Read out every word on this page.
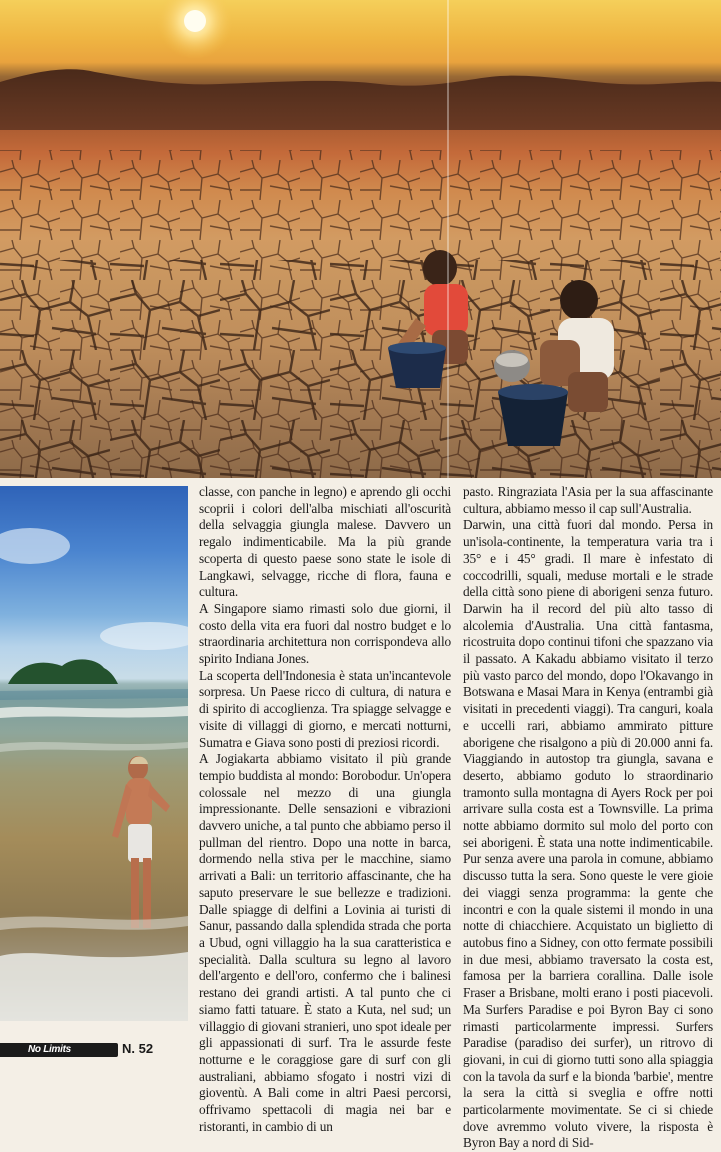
classe, con panche in legno) e aprendo gli occhi scoprii i colori dell'alba mischiati all'oscurità della selvaggia giungla malese. Davvero un regalo indimenticabile. Ma la più grande scoperta di questo paese sono state le isole di Langkawi, selvagge, ricche di flora, fauna e cultura.

A Singapore siamo rimasti solo due giorni, il costo della vita era fuori dal nostro budget e lo straordinaria architettura non corrispondeva allo spirito Indiana Jones.

La scoperta dell'Indonesia è stata un'incantevole sorpresa. Un Paese ricco di cultura, di natura e di spirito di accoglienza. Tra spiagge selvagge e visite di villaggi di giorno, e mercati notturni, Sumatra e Giava sono posti di preziosi ricordi.

A Jogiakarta abbiamo visitato il più grande tempio buddista al mondo: Borobodur. Un'opera colossale nel mezzo di una giungla impressionante. Delle sensazioni e vibrazioni davvero uniche, a tal punto che abbiamo perso il pullman del rientro. Dopo una notte in barca, dormendo nella stiva per le macchine, siamo arrivati a Bali: un territorio affascinante, che ha saputo preservare le sue bellezze e tradizioni. Dalle spiagge di delfini a Lovinia ai turisti di Sanur, passando dalla splendida strada che porta a Ubud, ogni villaggio ha la sua caratteristica e specialità. Dalla scultura su legno al lavoro dell'argento e dell'oro, confermo che i balinesi restano dei grandi artisti. A tal punto che ci siamo fatti tatuare. È stato a Kuta, nel sud; un villaggio di giovani stranieri, uno spot ideale per gli appassionati di surf. Tra le assurde feste notturne e le coraggiose gare di surf con gli australiani, abbiamo sfogato i nostri vizi di gioventù. A Bali come in altri Paesi percorsi, offrivamo spettacoli di magia nei bar e ristoranti, in cambio di un

pasto. Ringraziata l'Asia per la sua affascinante cultura, abbiamo messo il cap sull'Australia.

Darwin, una città fuori dal mondo. Persa in un'isola-continente, la temperatura varia tra i 35° e i 45° gradi. Il mare è infestato di coccodrilli, squali, meduse mortali e le strade della città sono piene di aborigeni senza futuro. Darwin ha il record del più alto tasso di alcolemia d'Australia. Una città fantasma, ricostruita dopo continui tifoni che spazzano via il passato. A Kakadu abbiamo visitato il terzo più vasto parco del mondo, dopo l'Okavango in Botswana e Masai Mara in Kenya (entrambi già visitati in precedenti viaggi). Tra canguri, koala e uccelli rari, abbiamo ammirato pitture aborigene che risalgono a più di 20.000 anni fa. Viaggiando in autostop tra giungla, savana e deserto, abbiamo goduto lo straordinario tramonto sulla montagna di Ayers Rock per poi arrivare sulla costa est a Townsville. La prima notte abbiamo dormito sul molo del porto con sei aborigeni. È stata una notte indimenticabile. Pur senza avere una parola in comune, abbiamo discusso tutta la sera. Sono queste le vere gioie dei viaggi senza programma: la gente che incontri e con la quale sistemi il mondo in una notte di chiacchiere. Acquistato un biglietto di autobus fino a Sidney, con otto fermate possibili in due mesi, abbiamo traversato la costa est, famosa per la barriera corallina. Dalle isole Fraser a Brisbane, molti erano i posti piacevoli. Ma Surfers Paradise e poi Byron Bay ci sono rimasti particolarmente impressi. Surfers Paradise (paradiso dei surfer), un ritrovo di giovani, in cui di giorno tutti sono alla spiaggia con la tavola da surf e la bionda 'barbie', mentre la sera la città si sveglia e offre notti particolarmente movimentate. Se ci si chiede dove avremmo voluto vivere, la risposta è Byron Bay a nord di Sid-

No Limits	N. 52
